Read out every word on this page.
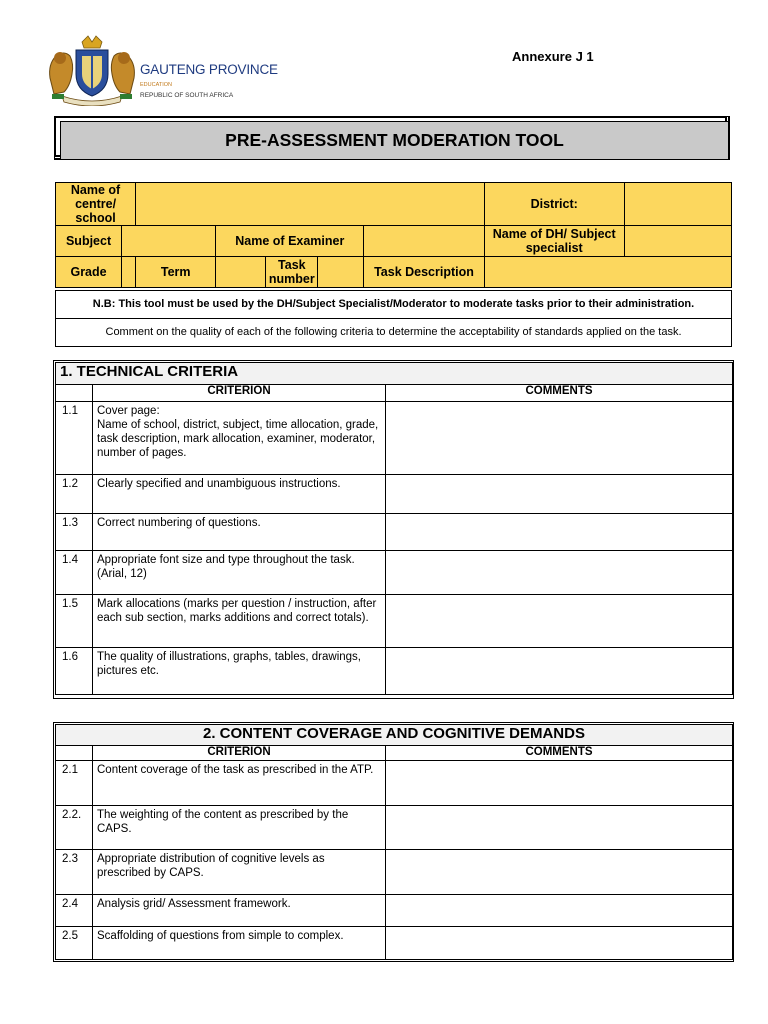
GAUTENG PROVINCE
EDUCATION
REPUBLIC OF SOUTH AFRICA
Annexure J 1
PRE-ASSESSMENT MODERATION TOOL
Name of centre/ school							District:	
Subject			Name of Examiner				Name of DH/ Subject specialist	
Grade		Term		Task number		Task Description		
N.B: This tool must be used by the DH/Subject Specialist/Moderator to moderate tasks prior to their administration.
Comment on the quality of each of the following criteria to determine the acceptability of standards applied on the task.
1. TECHNICAL CRITERIA		
	CRITERION	COMMENTS
1.1	Cover page:
Name of school, district, subject, time allocation, grade, task description, mark allocation, examiner, moderator, number of pages.	
1.2	Clearly specified and unambiguous instructions.	
1.3	Correct numbering of questions.	
1.4	Appropriate font size and type throughout the task. (Arial, 12)	
1.5	Mark allocations (marks per question / instruction, after each sub section, marks additions and correct totals).	
1.6	The quality of illustrations, graphs, tables, drawings, pictures etc.	
2. CONTENT COVERAGE AND COGNITIVE DEMANDS		
	CRITERION	COMMENTS
2.1	Content coverage of the task as prescribed in the ATP.	
2.2.	The weighting of the content as prescribed by the CAPS.	
2.3	Appropriate distribution of cognitive levels as prescribed by CAPS.	
2.4	Analysis grid/ Assessment framework.	
2.5	Scaffolding of questions from simple to complex.	
